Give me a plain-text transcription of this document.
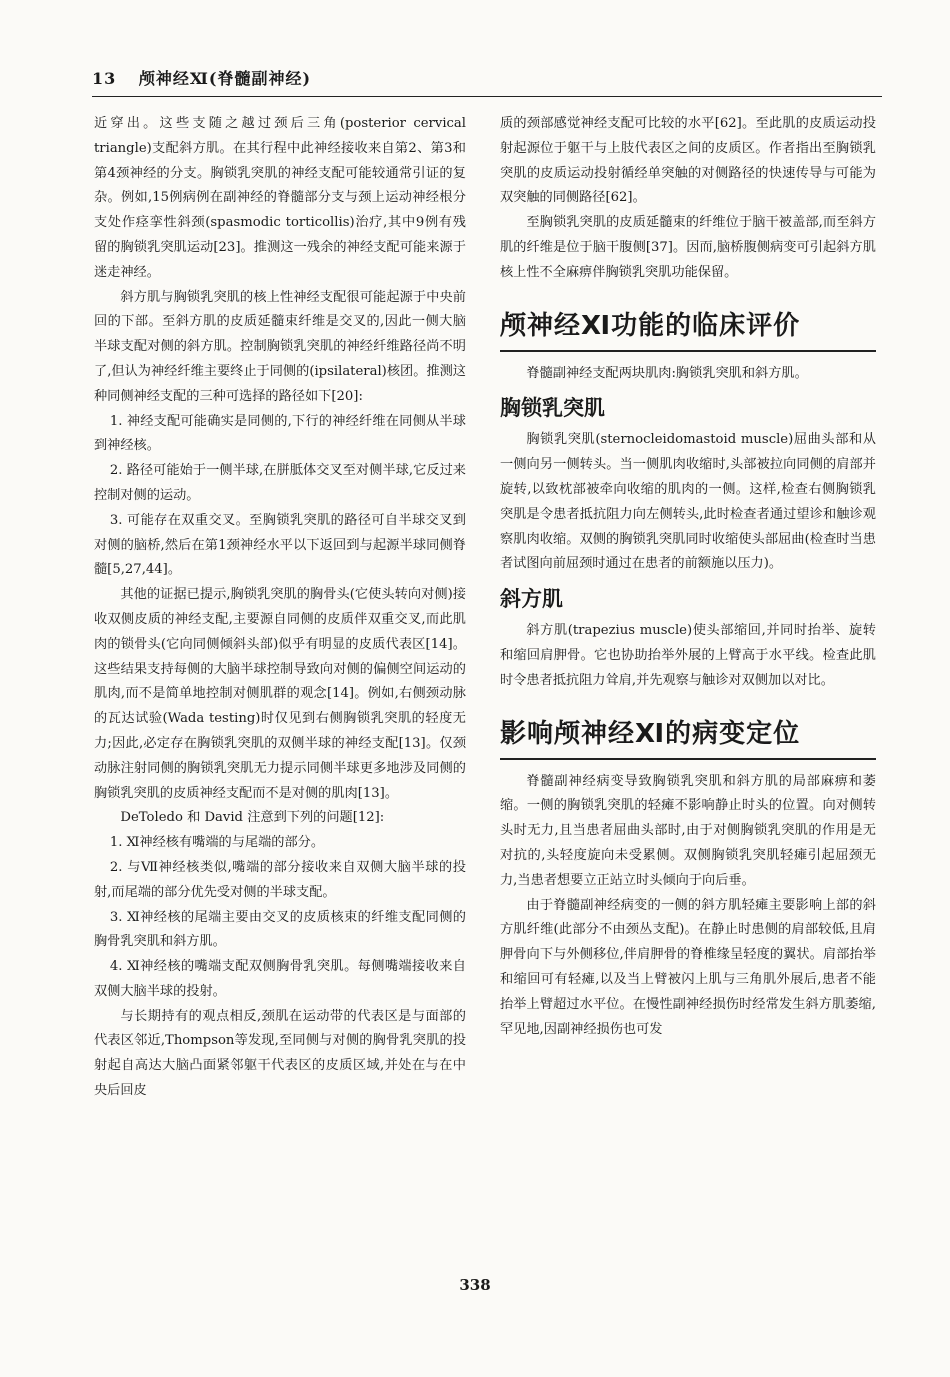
13 颅神经Ⅺ(脊髓副神经)

近穿出。这些支随之越过颈后三角(posterior cervical triangle)支配斜方肌。在其行程中此神经接收来自第2、第3和第4颈神经的分支。胸锁乳突肌的神经支配可能较通常引证的复杂。例如,15例病例在副神经的脊髓部分支与颈上运动神经根分支处作痉挛性斜颈(spasmodic torticollis)治疗,其中9例有残留的胸锁乳突肌运动[23]。推测这一残余的神经支配可能来源于迷走神经。

斜方肌与胸锁乳突肌的核上性神经支配很可能起源于中央前回的下部。至斜方肌的皮质延髓束纤维是交叉的,因此一侧大脑半球支配对侧的斜方肌。控制胸锁乳突肌的神经纤维路径尚不明了,但认为神经纤维主要终止于同侧的(ipsilateral)核团。推测这种同侧神经支配的三种可选择的路径如下[20]:

1. 神经支配可能确实是同侧的,下行的神经纤维在同侧从半球到神经核。

2. 路径可能始于一侧半球,在胼胝体交叉至对侧半球,它反过来控制对侧的运动。

3. 可能存在双重交叉。至胸锁乳突肌的路径可自半球交叉到对侧的脑桥,然后在第1颈神经水平以下返回到与起源半球同侧脊髓[5,27,44]。

其他的证据已提示,胸锁乳突肌的胸骨头(它使头转向对侧)接收双侧皮质的神经支配,主要源自同侧的皮质伴双重交叉,而此肌肉的锁骨头(它向同侧倾斜头部)似乎有明显的皮质代表区[14]。这些结果支持每侧的大脑半球控制导致向对侧的偏侧空间运动的肌肉,而不是简单地控制对侧肌群的观念[14]。例如,右侧颈动脉的瓦达试验(Wada testing)时仅见到右侧胸锁乳突肌的轻度无力;因此,必定存在胸锁乳突肌的双侧半球的神经支配[13]。仅颈动脉注射同侧的胸锁乳突肌无力提示同侧半球更多地涉及同侧的胸锁乳突肌的皮质神经支配而不是对侧的肌肉[13]。

DeToledo 和 David 注意到下列的问题[12]:

1. Ⅺ神经核有嘴端的与尾端的部分。

2. 与Ⅶ神经核类似,嘴端的部分接收来自双侧大脑半球的投射,而尾端的部分优先受对侧的半球支配。

3. Ⅺ神经核的尾端主要由交叉的皮质核束的纤维支配同侧的胸骨乳突肌和斜方肌。

4. Ⅺ神经核的嘴端支配双侧胸骨乳突肌。每侧嘴端接收来自双侧大脑半球的投射。

与长期持有的观点相反,颈肌在运动带的代表区是与面部的代表区邻近,Thompson等发现,至同侧与对侧的胸骨乳突肌的投射起自高达大脑凸面紧邻躯干代表区的皮质区域,并处在与在中央后回皮

质的颈部感觉神经支配可比较的水平[62]。至此肌的皮质运动投射起源位于躯干与上肢代表区之间的皮质区。作者指出至胸锁乳突肌的皮质运动投射循经单突触的对侧路径的快速传导与可能为双突触的同侧路径[62]。

至胸锁乳突肌的皮质延髓束的纤维位于脑干被盖部,而至斜方肌的纤维是位于脑干腹侧[37]。因而,脑桥腹侧病变可引起斜方肌核上性不全麻痹伴胸锁乳突肌功能保留。

颅神经Ⅺ功能的临床评价

脊髓副神经支配两块肌肉:胸锁乳突肌和斜方肌。

胸锁乳突肌

胸锁乳突肌(sternocleidomastoid muscle)屈曲头部和从一侧向另一侧转头。当一侧肌肉收缩时,头部被拉向同侧的肩部并旋转,以致枕部被牵向收缩的肌肉的一侧。这样,检查右侧胸锁乳突肌是令患者抵抗阻力向左侧转头,此时检查者通过望诊和触诊观察肌肉收缩。双侧的胸锁乳突肌同时收缩使头部屈曲(检查时当患者试图向前屈颈时通过在患者的前额施以压力)。

斜方肌

斜方肌(trapezius muscle)使头部缩回,并同时抬举、旋转和缩回肩胛骨。它也协助抬举外展的上臂高于水平线。检查此肌时令患者抵抗阻力耸肩,并先观察与触诊对双侧加以对比。

影响颅神经Ⅺ的病变定位

脊髓副神经病变导致胸锁乳突肌和斜方肌的局部麻痹和萎缩。一侧的胸锁乳突肌的轻瘫不影响静止时头的位置。向对侧转头时无力,且当患者屈曲头部时,由于对侧胸锁乳突肌的作用是无对抗的,头轻度旋向未受累侧。双侧胸锁乳突肌轻瘫引起屈颈无力,当患者想要立正站立时头倾向于向后垂。

由于脊髓副神经病变的一侧的斜方肌轻瘫主要影响上部的斜方肌纤维(此部分不由颈丛支配)。在静止时患侧的肩部较低,且肩胛骨向下与外侧移位,伴肩胛骨的脊椎缘呈轻度的翼状。肩部抬举和缩回可有轻瘫,以及当上臂被闪上肌与三角肌外展后,患者不能抬举上臂超过水平位。在慢性副神经损伤时经常发生斜方肌萎缩,罕见地,因副神经损伤也可发

338
